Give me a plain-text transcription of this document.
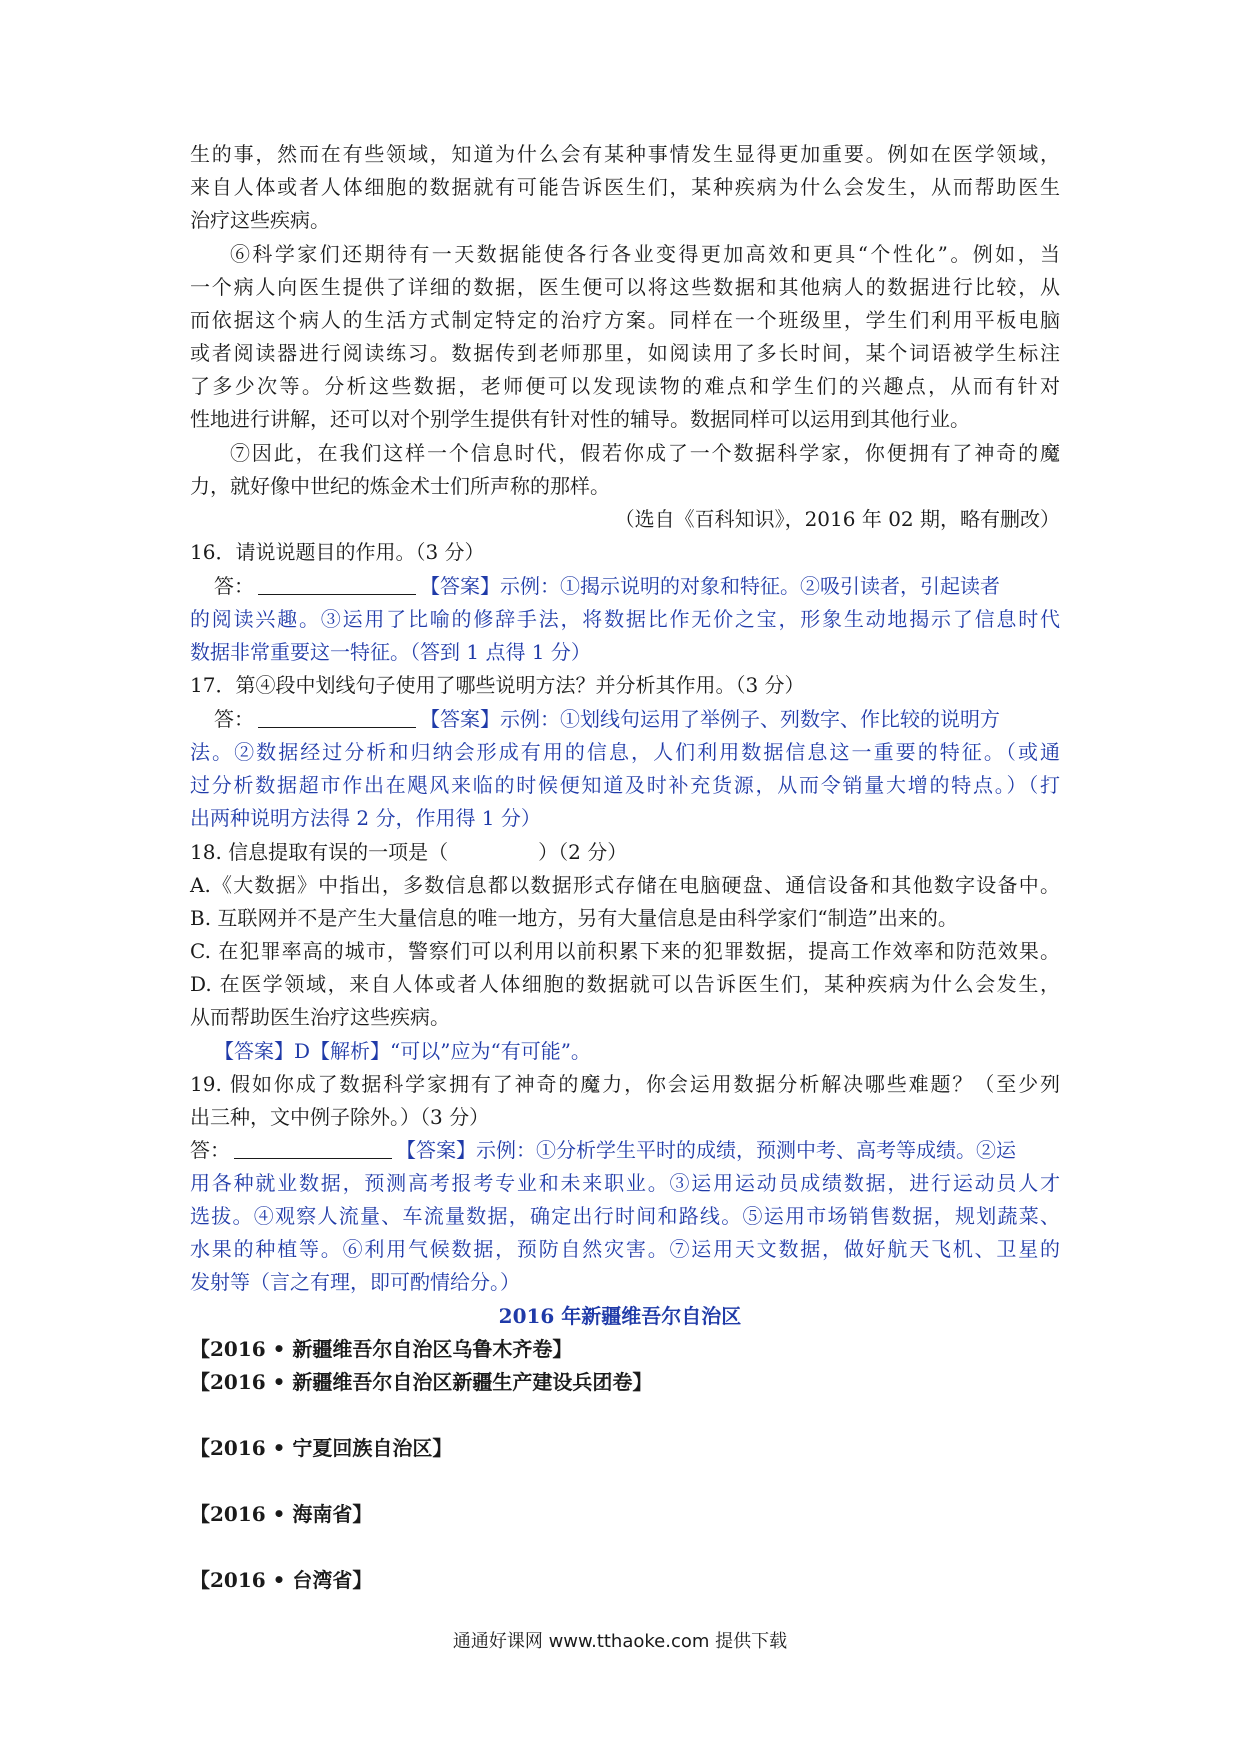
生的事，然而在有些领域，知道为什么会有某种事情发生显得更加重要。例如在医学领域，
来自人体或者人体细胞的数据就有可能告诉医生们，某种疾病为什么会发生，从而帮助医生
治疗这些疾病。
⑥科学家们还期待有一天数据能使各行各业变得更加高效和更具“个性化”。例如，当
一个病人向医生提供了详细的数据，医生便可以将这些数据和其他病人的数据进行比较，从
而依据这个病人的生活方式制定特定的治疗方案。同样在一个班级里，学生们利用平板电脑
或者阅读器进行阅读练习。数据传到老师那里，如阅读用了多长时间，某个词语被学生标注
了多少次等。分析这些数据，老师便可以发现读物的难点和学生们的兴趣点，从而有针对
性地进行讲解，还可以对个别学生提供有针对性的辅导。数据同样可以运用到其他行业。
⑦因此，在我们这样一个信息时代，假若你成了一个数据科学家，你便拥有了神奇的魔
力，就好像中世纪的炼金术士们所声称的那样。
（选自《百科知识》，2016 年 02 期，略有删改）
16．请说说题目的作用。（3 分）
答：	【答案】示例：①揭示说明的对象和特征。②吸引读者，引起读者
的阅读兴趣。③运用了比喻的修辞手法，将数据比作无价之宝，形象生动地揭示了信息时代
数据非常重要这一特征。（答到 1 点得 1 分）
17．第④段中划线句子使用了哪些说明方法？并分析其作用。（3 分）
答：	【答案】示例：①划线句运用了举例子、列数字、作比较的说明方
法。②数据经过分析和归纳会形成有用的信息，人们利用数据信息这一重要的特征。（或通
过分析数据超市作出在飓风来临的时候便知道及时补充货源，从而令销量大增的特点。）（打
出两种说明方法得 2 分，作用得 1 分）
18. 信息提取有误的一项是（	）（2 分）
A.《大数据》中指出，多数信息都以数据形式存储在电脑硬盘、通信设备和其他数字设备中。
B. 互联网并不是产生大量信息的唯一地方，另有大量信息是由科学家们“制造”出来的。
C. 在犯罪率高的城市，警察们可以利用以前积累下来的犯罪数据，提高工作效率和防范效果。
D. 在医学领域，来自人体或者人体细胞的数据就可以告诉医生们，某种疾病为什么会发生，
从而帮助医生治疗这些疾病。
【答案】D【解析】“可以”应为“有可能”。
19. 假如你成了数据科学家拥有了神奇的魔力，你会运用数据分析解决哪些难题？（至少列
出三种，文中例子除外。）（3 分）
答：	【答案】示例：①分析学生平时的成绩，预测中考、高考等成绩。②运
用各种就业数据，预测高考报考专业和未来职业。③运用运动员成绩数据，进行运动员人才
选拔。④观察人流量、车流量数据，确定出行时间和路线。⑤运用市场销售数据，规划蔬菜、
水果的种植等。⑥利用气候数据，预防自然灾害。⑦运用天文数据，做好航天飞机、卫星的
发射等（言之有理，即可酌情给分。）
2016 年新疆维吾尔自治区
【2016 • 新疆维吾尔自治区乌鲁木齐卷】
【2016 • 新疆维吾尔自治区新疆生产建设兵团卷】
【2016 • 宁夏回族自治区】
【2016 • 海南省】
【2016 • 台湾省】
通通好课网 www.tthaoke.com 提供下载
